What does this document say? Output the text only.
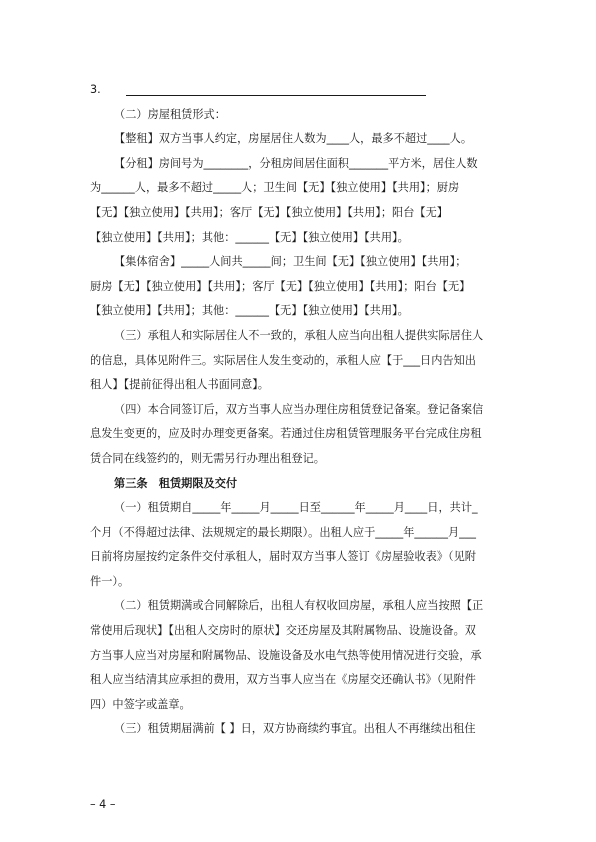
3.
（二）房屋租赁形式：
【整租】双方当事人约定，房屋居住人数为____人，最多不超过____人。
【分租】房间号为________，分租房间居住面积_______平方米，居住人数
为______人，最多不超过_____人；卫生间【无】【独立使用】【共用】；厨房
【无】【独立使用】【共用】；客厅【无】【独立使用】【共用】；阳台【无】
【独立使用】【共用】；其他：______【无】【独立使用】【共用】。
【集体宿舍】_____人间共_____间；卫生间【无】【独立使用】【共用】；
厨房【无】【独立使用】【共用】；客厅【无】【独立使用】【共用】；阳台【无】
【独立使用】【共用】；其他：______【无】【独立使用】【共用】。
（三）承租人和实际居住人不一致的，承租人应当向出租人提供实际居住人
的信息，具体见附件三。实际居住人发生变动的，承租人应【于___日内告知出
租人】【提前征得出租人书面同意】。
（四）本合同签订后，双方当事人应当办理住房租赁登记备案。登记备案信
息发生变更的，应及时办理变更备案。若通过住房租赁管理服务平台完成住房租
赁合同在线签约的，则无需另行办理出租登记。
第三条　租赁期限及交付
（一）租赁期自_____年_____月_____日至______年_____月____日，共计_
个月（不得超过法律、法规规定的最长期限）。出租人应于_____年______月___
日前将房屋按约定条件交付承租人，届时双方当事人签订《房屋验收表》（见附
件一）。
（二）租赁期满或合同解除后，出租人有权收回房屋，承租人应当按照【正
常使用后现状】【出租人交房时的原状】交还房屋及其附属物品、设施设备。双
方当事人应当对房屋和附属物品、设施设备及水电气热等使用情况进行交验，承
租人应当结清其应承担的费用，双方当事人应当在《房屋交还确认书》（见附件
四）中签字或盖章。
（三）租赁期届满前【 】日，双方协商续约事宜。出租人不再继续出租住
– 4 –
